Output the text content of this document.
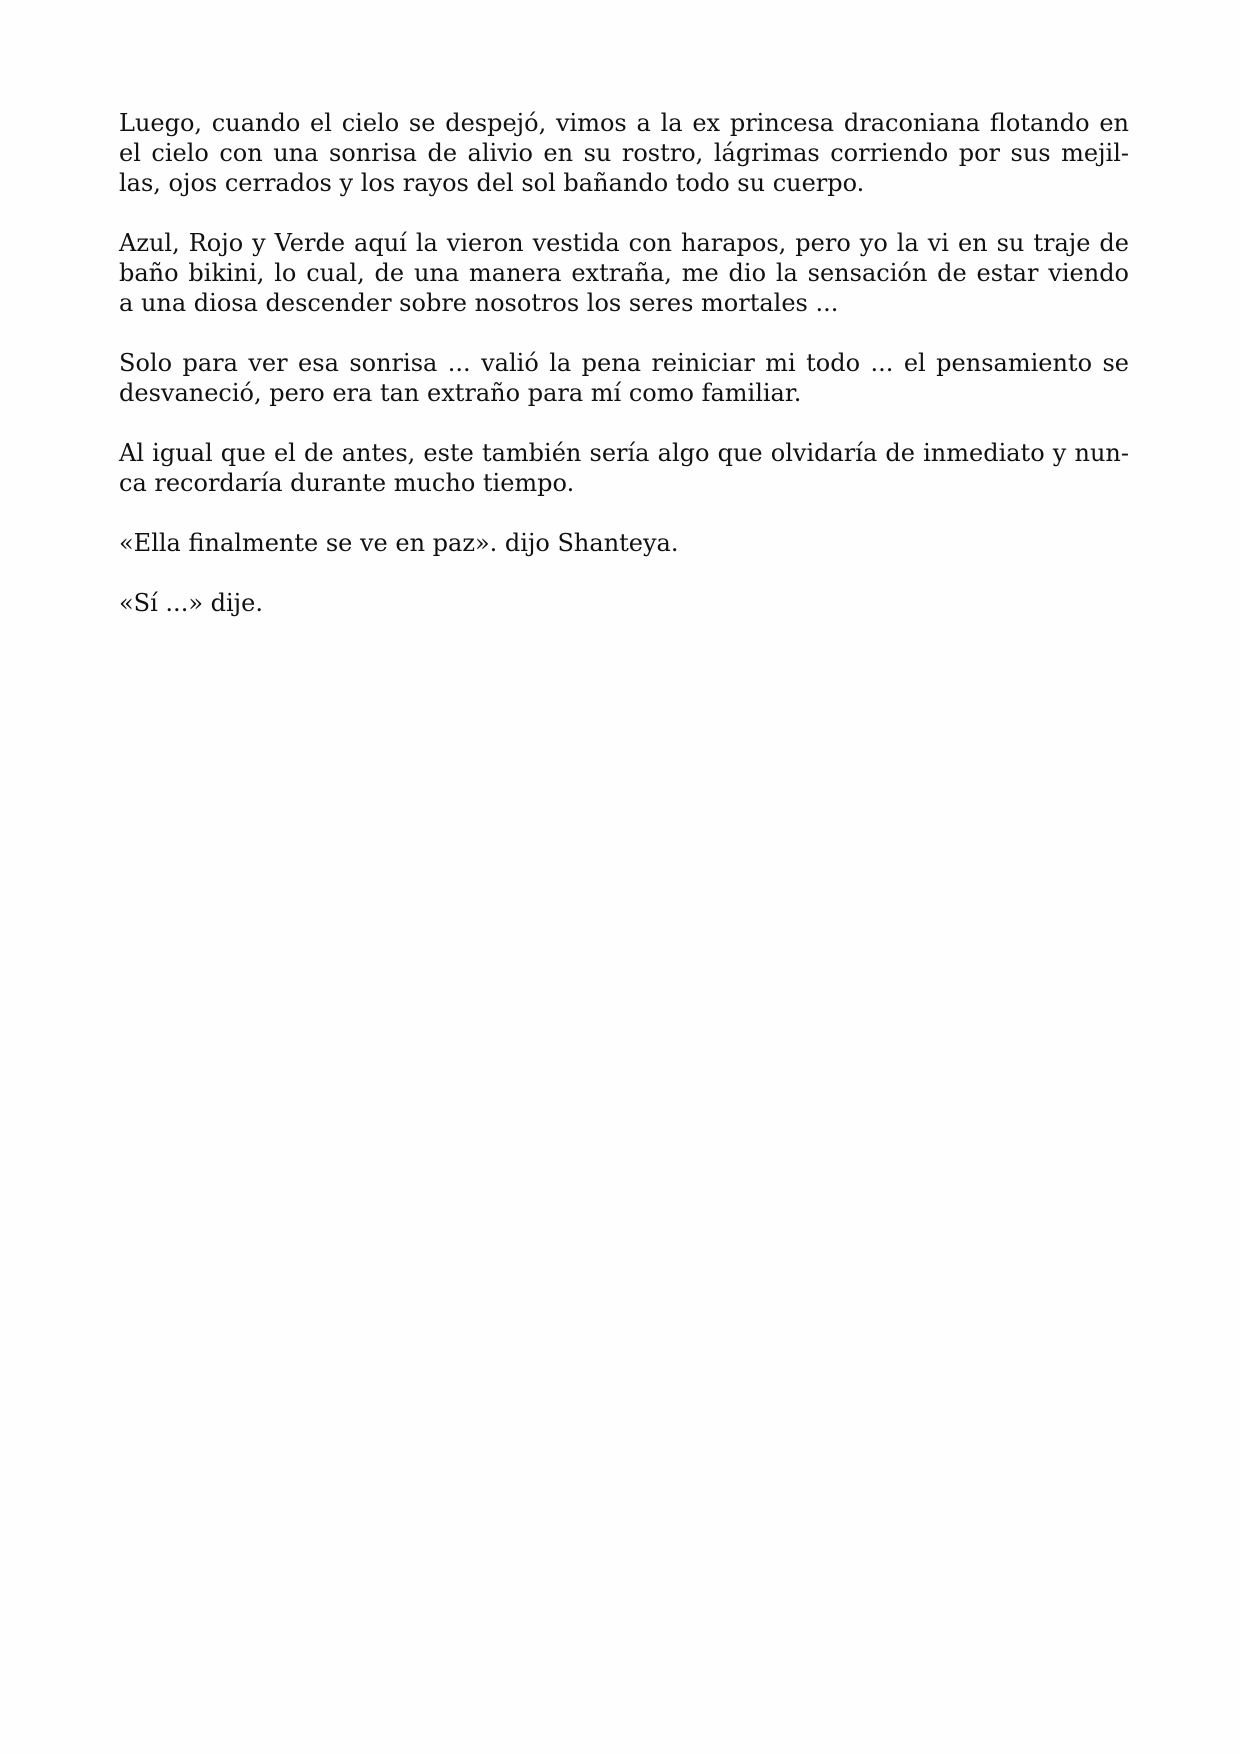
Luego, cuando el cielo se despejó, vimos a la ex princesa draconiana flotando en
el cielo con una sonrisa de alivio en su rostro, lágrimas corriendo por sus mejil-
las, ojos cerrados y los rayos del sol bañando todo su cuerpo.

Azul, Rojo y Verde aquí la vieron vestida con harapos, pero yo la vi en su traje de
baño bikini, lo cual, de una manera extraña, me dio la sensación de estar viendo
a una diosa descender sobre nosotros los seres mortales ...

Solo para ver esa sonrisa ... valió la pena reiniciar mi todo ... el pensamiento se
desvaneció, pero era tan extraño para mí como familiar.

Al igual que el de antes, este también sería algo que olvidaría de inmediato y nun-
ca recordaría durante mucho tiempo.

«Ella finalmente se ve en paz». dijo Shanteya.

«Sí ...» dije.
